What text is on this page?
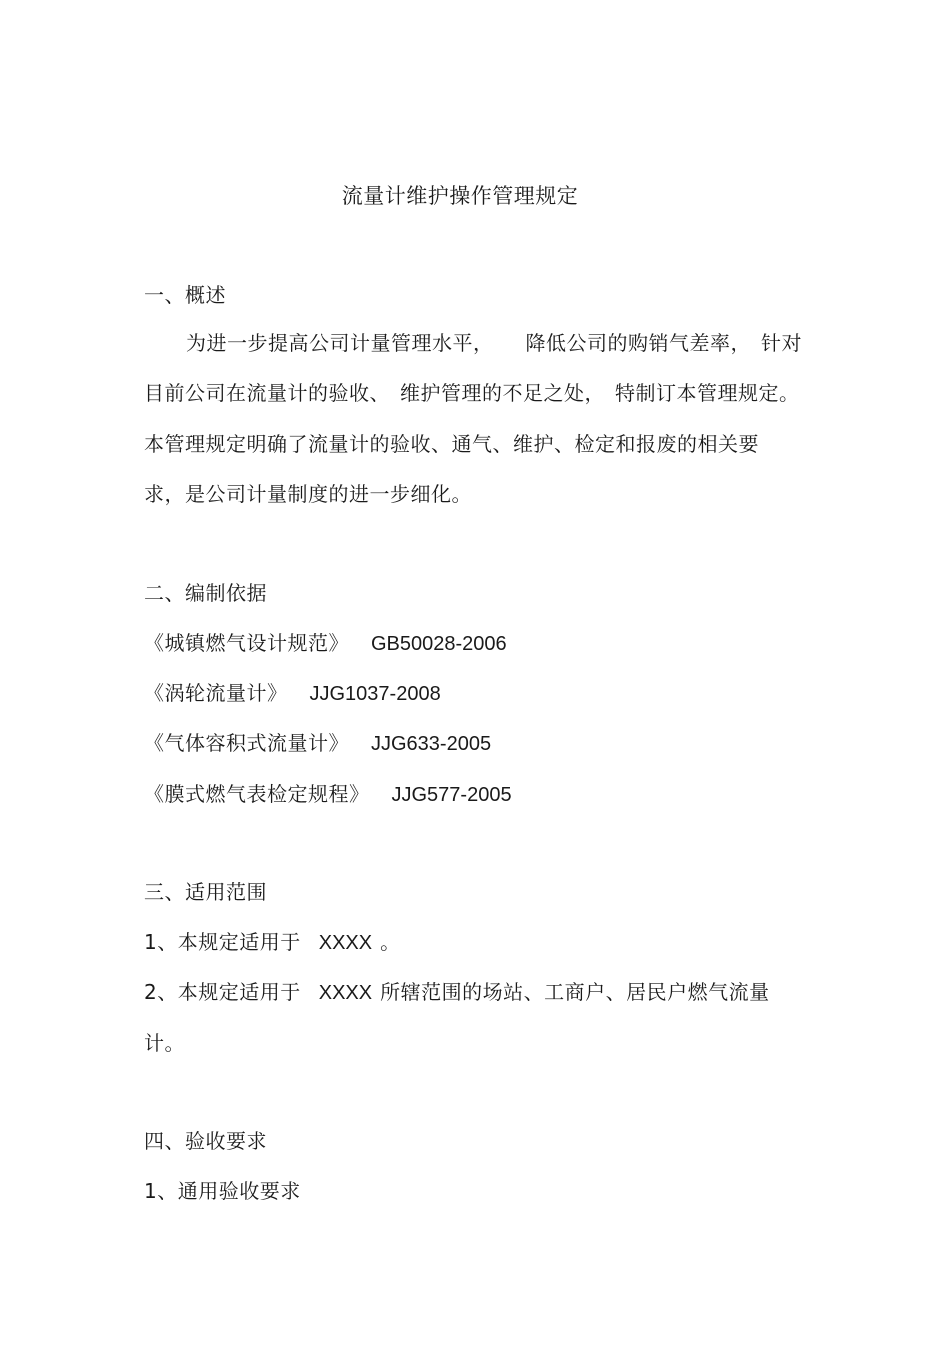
流量计维护操作管理规定
一、概述
为进一步提高公司计量管理水平， 降低公司的购销气差率， 针对
目前公司在流量计的验收、 维护管理的不足之处， 特制订本管理规定。
本管理规定明确了流量计的验收、通气、维护、检定和报废的相关要
求，是公司计量制度的进一步细化。
二、编制依据
《城镇燃气设计规范》 GB50028-2006
《涡轮流量计》 JJG1037-2008
《气体容积式流量计》 JJG633-2005
《膜式燃气表检定规程》 JJG577-2005
三、适用范围
1、本规定适用于 XXXX 。
2、本规定适用于 XXXX 所辖范围的场站、工商户、居民户燃气流量
计。
四、验收要求
1、通用验收要求
